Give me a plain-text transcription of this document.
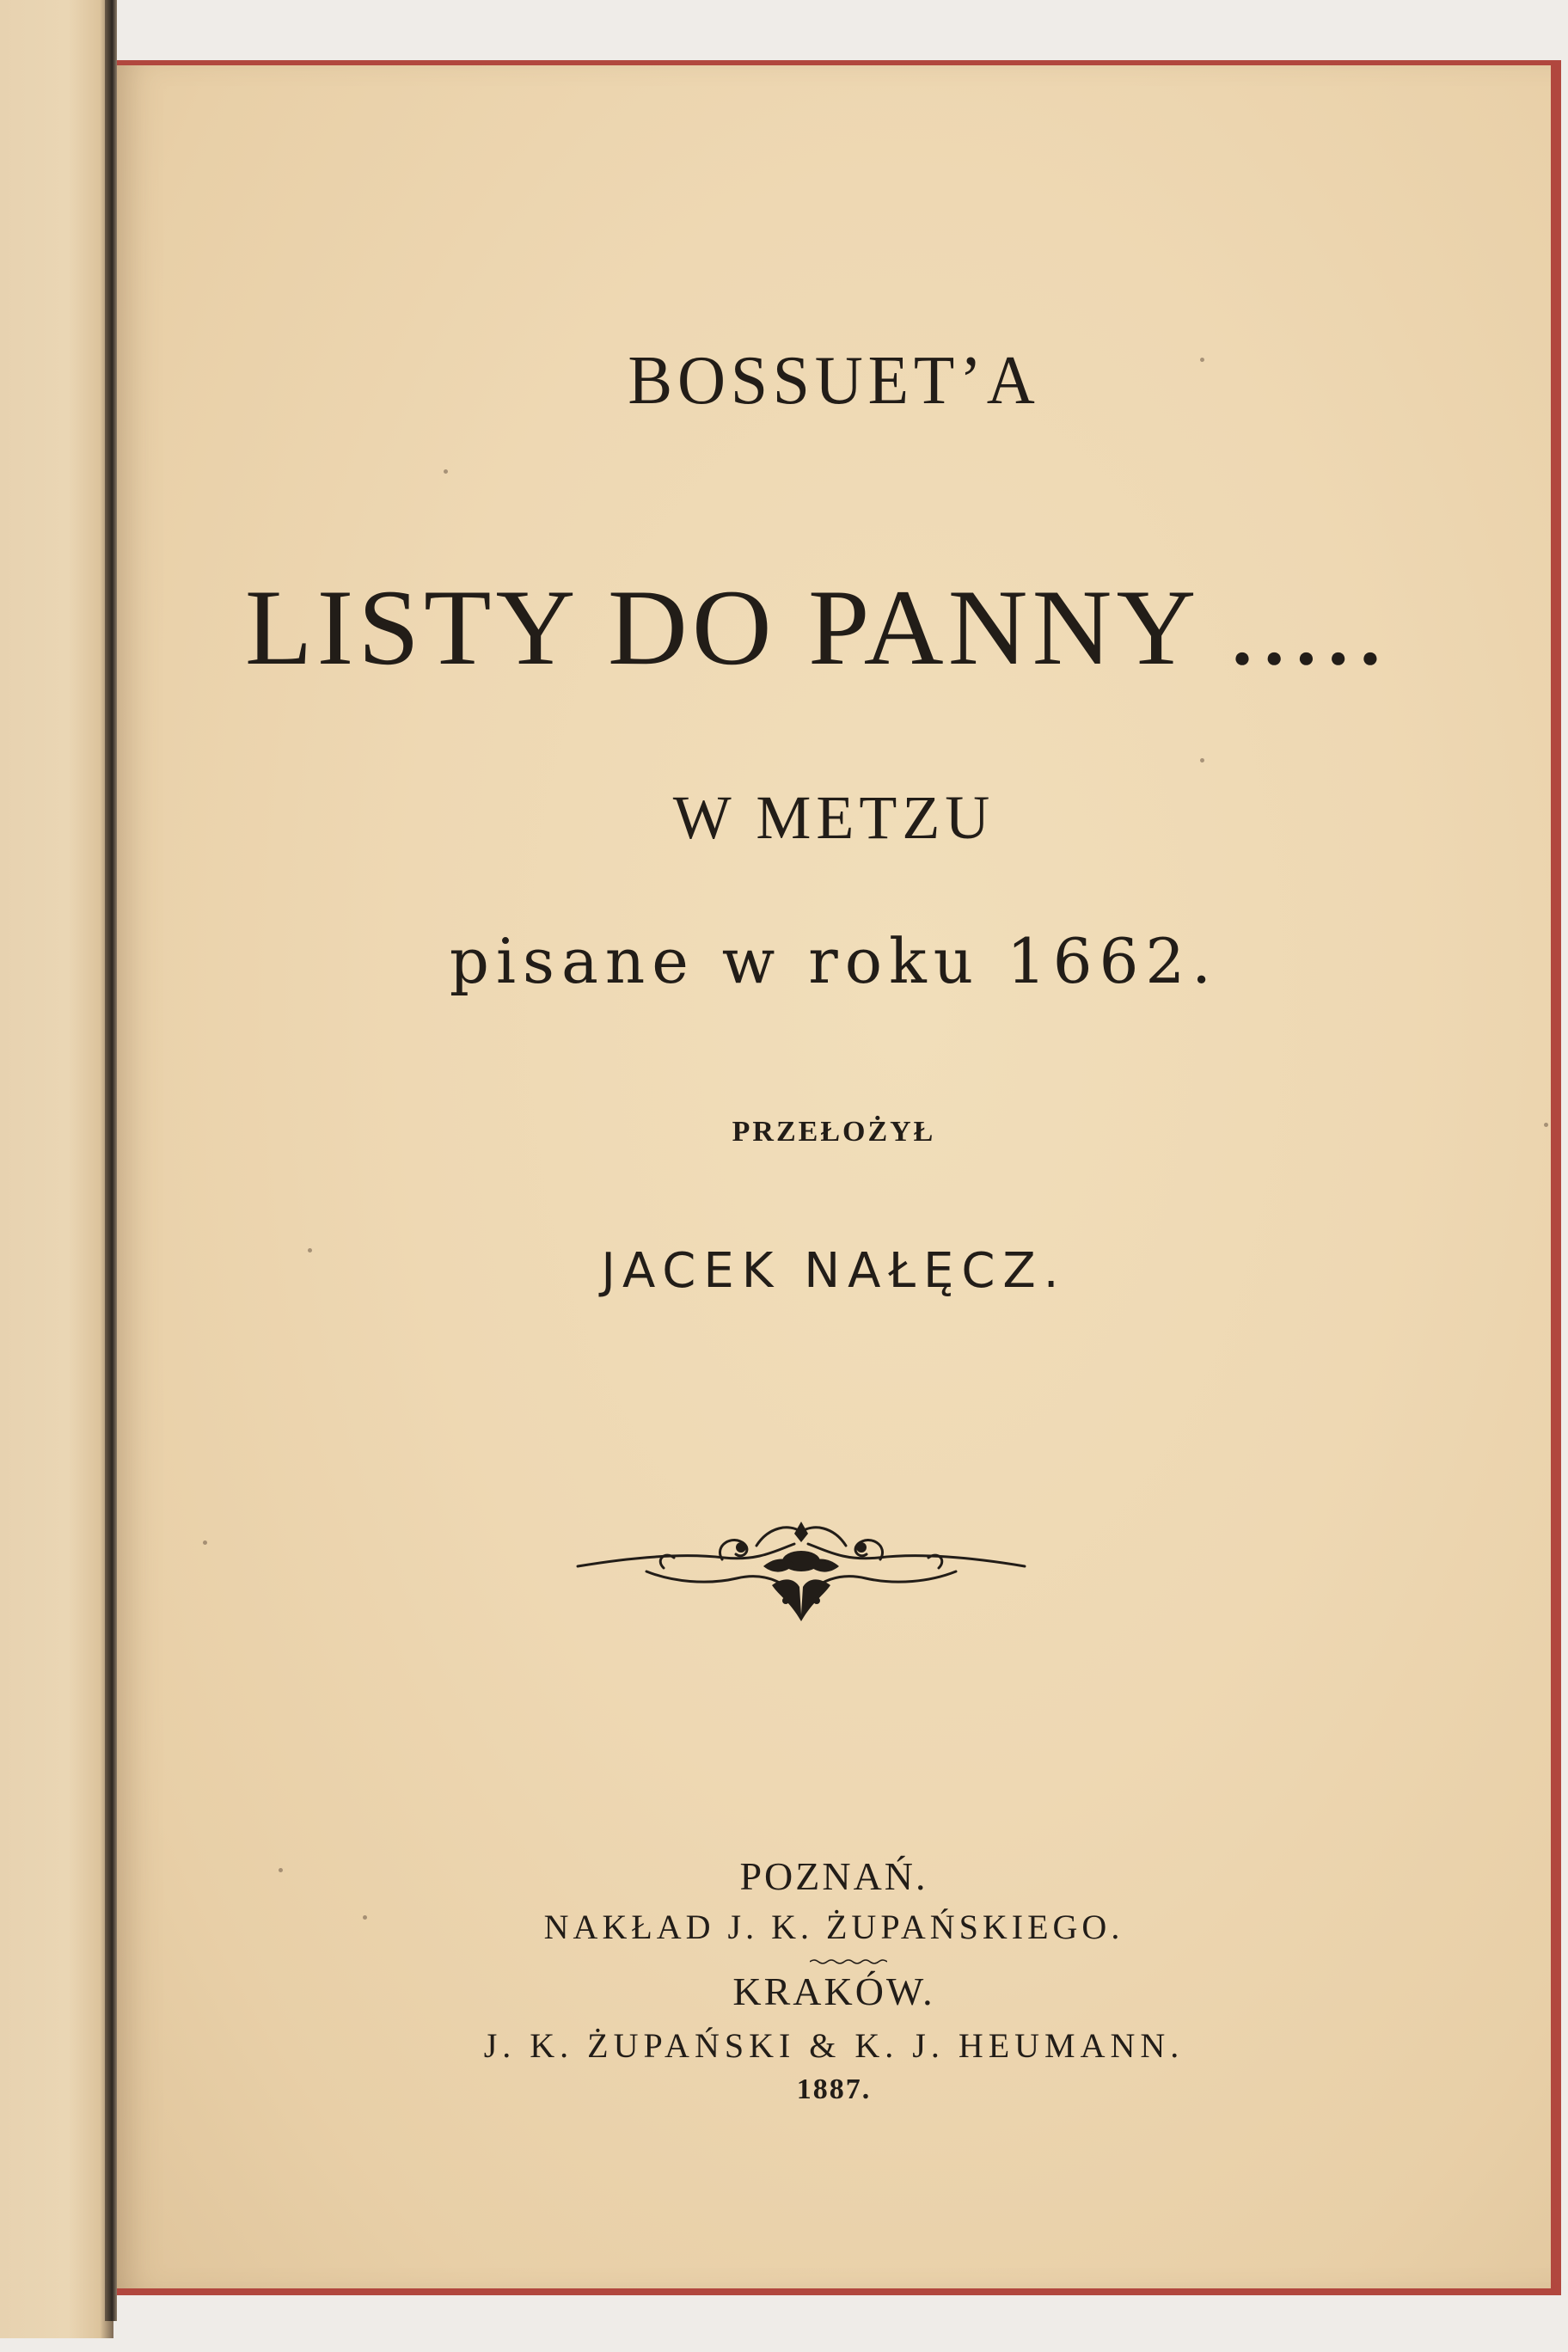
BOSSUET’A
LISTY DO PANNY .....
W METZU
pisane w roku 1662.
PRZEŁOŻYŁ
JACEK NAŁĘCZ.
POZNAŃ.
NAKŁAD J. K. ŻUPAŃSKIEGO.
KRAKÓW.
J. K. ŻUPAŃSKI & K. J. HEUMANN.
1887.
